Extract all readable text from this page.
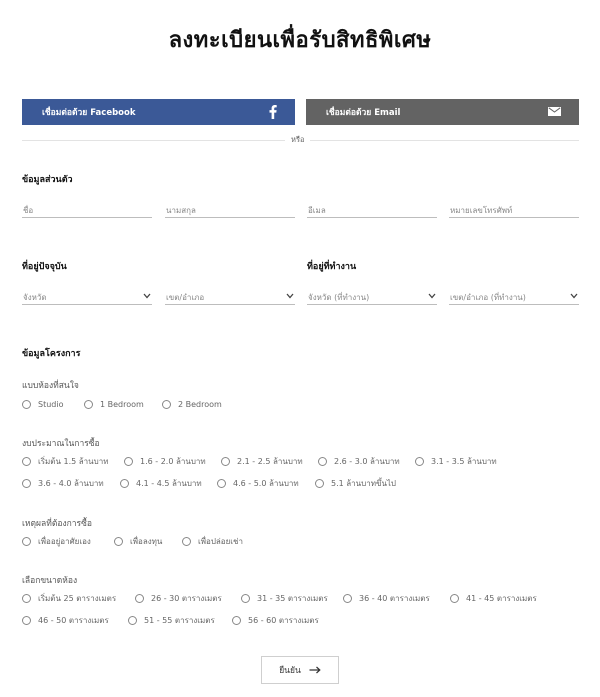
ลงทะเบียนเพื่อรับสิทธิพิเศษ
เชื่อมต่อด้วย Facebook	เชื่อมต่อด้วย Email
หรือ
ข้อมูลส่วนตัว
ชื่อ	นามสกุล	อีเมล	หมายเลขโทรศัพท์
ที่อยู่ปัจจุบัน	ที่อยู่ที่ทำงาน
จังหวัด	เขต/อำเภอ	จังหวัด (ที่ทำงาน)	เขต/อำเภอ (ที่ทำงาน)
ข้อมูลโครงการ
แบบห้องที่สนใจ
Studio	1 Bedroom	2 Bedroom
งบประมาณในการซื้อ
เริ่มต้น 1.5 ล้านบาท	1.6 - 2.0 ล้านบาท	2.1 - 2.5 ล้านบาท	2.6 - 3.0 ล้านบาท	3.1 - 3.5 ล้านบาท
3.6 - 4.0 ล้านบาท	4.1 - 4.5 ล้านบาท	4.6 - 5.0 ล้านบาท	5.1 ล้านบาทขึ้นไป
เหตุผลที่ต้องการซื้อ
เพื่ออยู่อาศัยเอง	เพื่อลงทุน	เพื่อปล่อยเช่า
เลือกขนาดห้อง
เริ่มต้น 25 ตารางเมตร	26 - 30 ตารางเมตร	31 - 35 ตารางเมตร	36 - 40 ตารางเมตร	41 - 45 ตารางเมตร
46 - 50 ตารางเมตร	51 - 55 ตารางเมตร	56 - 60 ตารางเมตร
ยืนยัน
